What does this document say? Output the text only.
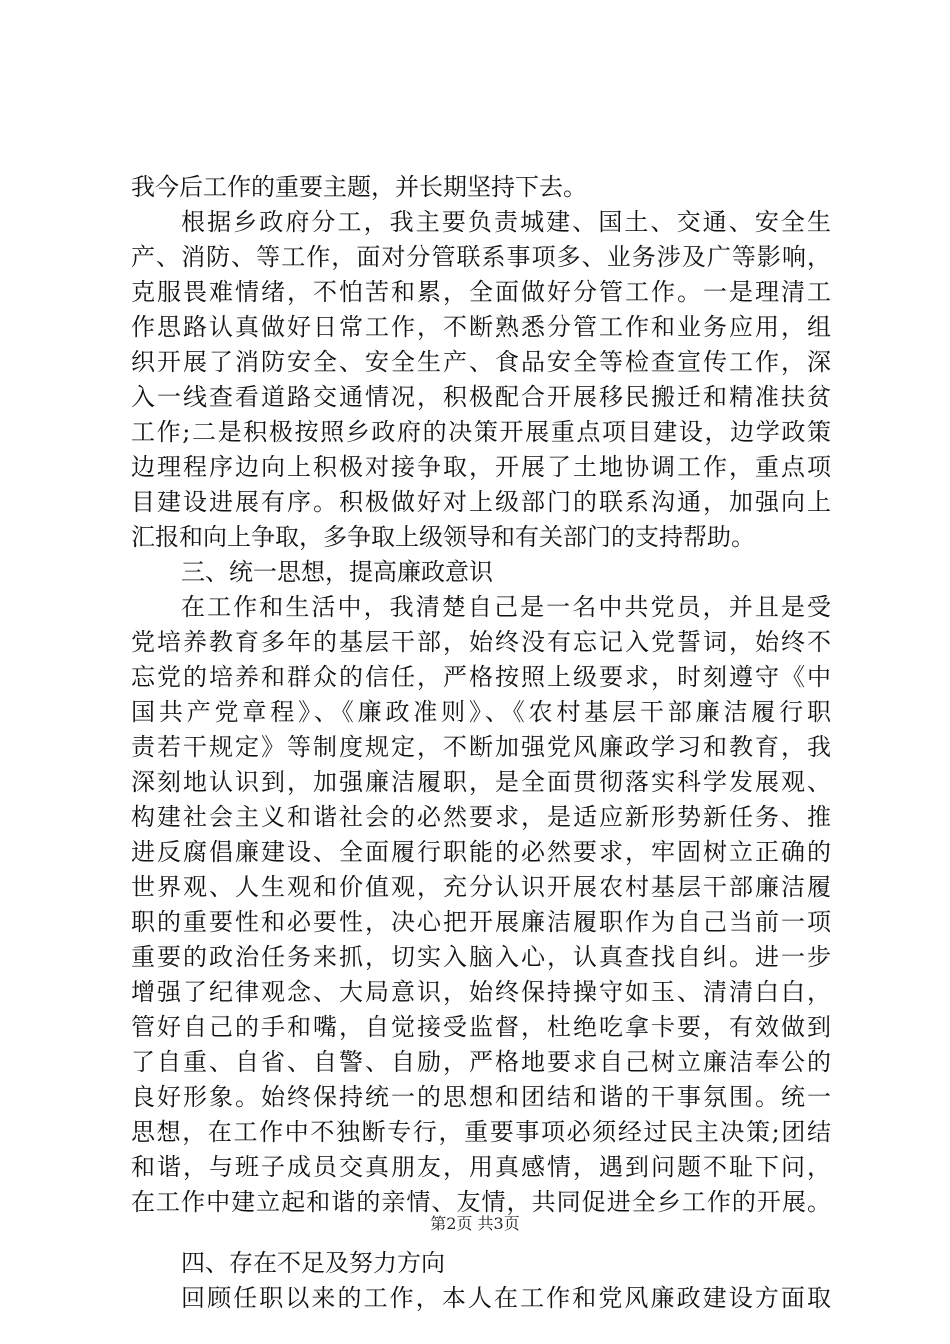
我今后工作的重要主题，并长期坚持下去。
根据乡政府分工，我主要负责城建、国土、交通、安全生
产、消防、等工作，面对分管联系事项多、业务涉及广等影响，
克服畏难情绪，不怕苦和累，全面做好分管工作。一是理清工
作思路认真做好日常工作，不断熟悉分管工作和业务应用，组
织开展了消防安全、安全生产、食品安全等检查宣传工作，深
入一线查看道路交通情况，积极配合开展移民搬迁和精准扶贫
工作;二是积极按照乡政府的决策开展重点项目建设，边学政策
边理程序边向上积极对接争取，开展了土地协调工作，重点项
目建设进展有序。积极做好对上级部门的联系沟通，加强向上
汇报和向上争取，多争取上级领导和有关部门的支持帮助。
三、统一思想，提高廉政意识
在工作和生活中，我清楚自己是一名中共党员，并且是受
党培养教育多年的基层干部，始终没有忘记入党誓词，始终不
忘党的培养和群众的信任，严格按照上级要求，时刻遵守《中
国共产党章程》、《廉政准则》、《农村基层干部廉洁履行职
责若干规定》等制度规定，不断加强党风廉政学习和教育，我
深刻地认识到，加强廉洁履职，是全面贯彻落实科学发展观、
构建社会主义和谐社会的必然要求，是适应新形势新任务、推
进反腐倡廉建设、全面履行职能的必然要求，牢固树立正确的
世界观、人生观和价值观，充分认识开展农村基层干部廉洁履
职的重要性和必要性，决心把开展廉洁履职作为自己当前一项
重要的政治任务来抓，切实入脑入心，认真查找自纠。进一步
增强了纪律观念、大局意识，始终保持操守如玉、清清白白，
管好自己的手和嘴，自觉接受监督，杜绝吃拿卡要，有效做到
了自重、自省、自警、自励，严格地要求自己树立廉洁奉公的
良好形象。始终保持统一的思想和团结和谐的干事氛围。统一
思想，在工作中不独断专行，重要事项必须经过民主决策;团结
和谐，与班子成员交真朋友，用真感情，遇到问题不耻下问，
在工作中建立起和谐的亲情、友情，共同促进全乡工作的开展。
四、存在不足及努力方向
回顾任职以来的工作，本人在工作和党风廉政建设方面取
第2页 共3页
